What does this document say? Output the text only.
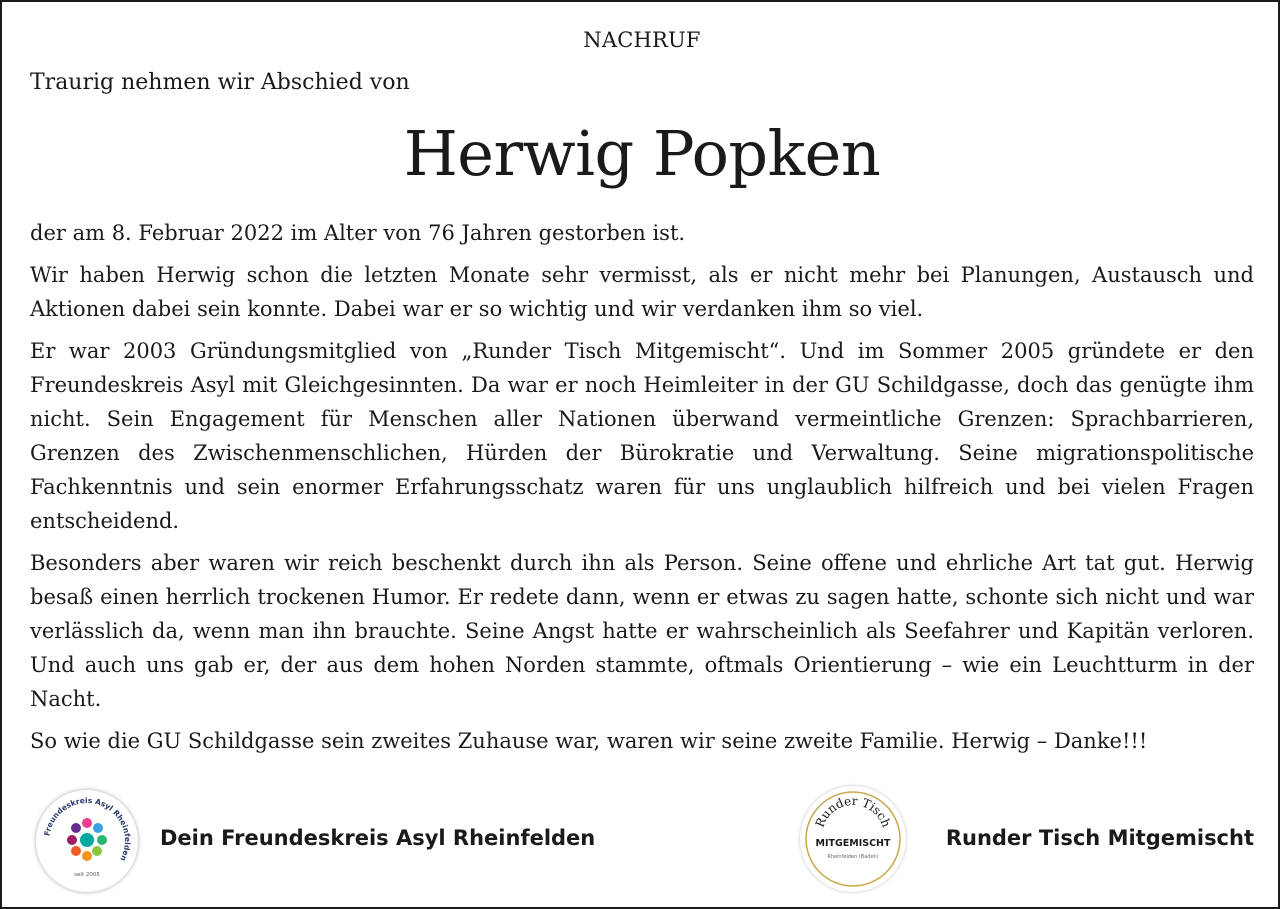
NACHRUF
Traurig nehmen wir Abschied von
Herwig Popken

der am 8. Februar 2022 im Alter von 76 Jahren gestorben ist.

Wir haben Herwig schon die letzten Monate sehr vermisst, als er nicht mehr bei Planungen, Austausch und Aktionen dabei sein konnte. Dabei war er so wichtig und wir verdanken ihm so viel.

Er war 2003 Gründungsmitglied von „Runder Tisch Mitgemischt“. Und im Sommer 2005 gründete er den Freundeskreis Asyl mit Gleichgesinnten. Da war er noch Heimleiter in der GU Schildgasse, doch das genügte ihm nicht. Sein Engagement für Menschen aller Nationen überwand vermeintliche Grenzen: Sprachbarrieren, Grenzen des Zwischenmenschlichen, Hürden der Bürokratie und Verwaltung. Seine migrationspolitische Fachkenntnis und sein enormer Erfahrungsschatz waren für uns unglaublich hilfreich und bei vielen Fragen entscheidend.

Besonders aber waren wir reich beschenkt durch ihn als Person. Seine offene und ehrliche Art tat gut. Herwig besaß einen herrlich trockenen Humor. Er redete dann, wenn er etwas zu sagen hatte, schonte sich nicht und war verlässlich da, wenn man ihn brauchte. Seine Angst hatte er wahrscheinlich als Seefahrer und Kapitän verloren. Und auch uns gab er, der aus dem hohen Norden stammte, oftmals Orientierung – wie ein Leuchtturm in der Nacht.

So wie die GU Schildgasse sein zweites Zuhause war, waren wir seine zweite Familie. Herwig – Danke!!!

Freundeskreis Asyl Rheinfelden
seit 2005
Dein Freundeskreis Asyl Rheinfelden
Runder Tisch
MITGEMISCHT
Rheinfelden (Baden)
Runder Tisch Mitgemischt
